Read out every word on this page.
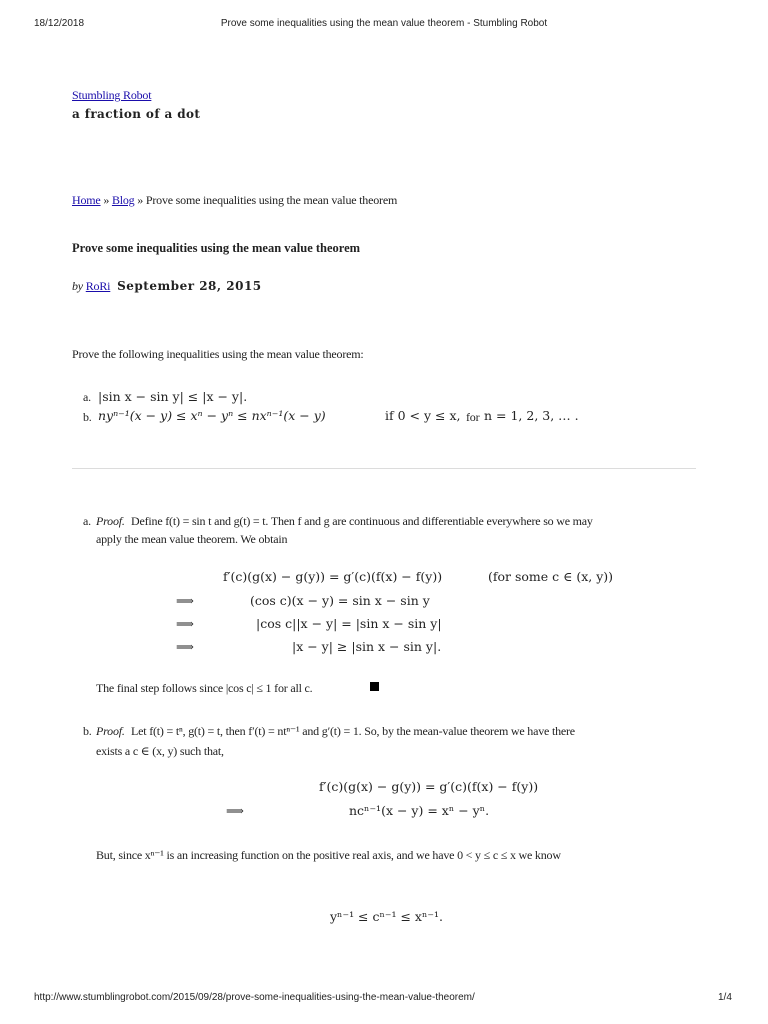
18/12/2018	Prove some inequalities using the mean value theorem - Stumbling Robot
Stumbling Robot
a fraction of a dot
Home » Blog » Prove some inequalities using the mean value theorem
Prove some inequalities using the mean value theorem
by RoRi September 28, 2015
Prove the following inequalities using the mean value theorem:
a. |sin x − sin y| ≤ |x − y|.
b. nyⁿ⁻¹(x − y) ≤ xⁿ − yⁿ ≤ nxⁿ⁻¹(x − y)	if 0 < y ≤ x, for n = 1, 2, 3, … .
a. Proof. Define f(t) = sin t and g(t) = t. Then f and g are continuous and differentiable everywhere so we may
apply the mean value theorem. We obtain
f′(c)(g(x) − g(y)) = g′(c)(f(x) − f(y))	(for some c ∈ (x, y))
⟹	(cos c)(x − y) = sin x − sin y
⟹	|cos c||x − y| = |sin x − sin y|
⟹	|x − y| ≥ |sin x − sin y|.
The final step follows since |cos c| ≤ 1 for all c.
b. Proof. Let f(t) = tⁿ, g(t) = t, then f′(t) = ntⁿ⁻¹ and g′(t) = 1. So, by the mean-value theorem we have there
exists a c ∈ (x, y) such that,
f′(c)(g(x) − g(y)) = g′(c)(f(x) − f(y))
⟹	ncⁿ⁻¹(x − y) = xⁿ − yⁿ.
But, since xⁿ⁻¹ is an increasing function on the positive real axis, and we have 0 < y ≤ c ≤ x we know
yⁿ⁻¹ ≤ cⁿ⁻¹ ≤ xⁿ⁻¹.
http://www.stumblingrobot.com/2015/09/28/prove-some-inequalities-using-the-mean-value-theorem/	1/4
